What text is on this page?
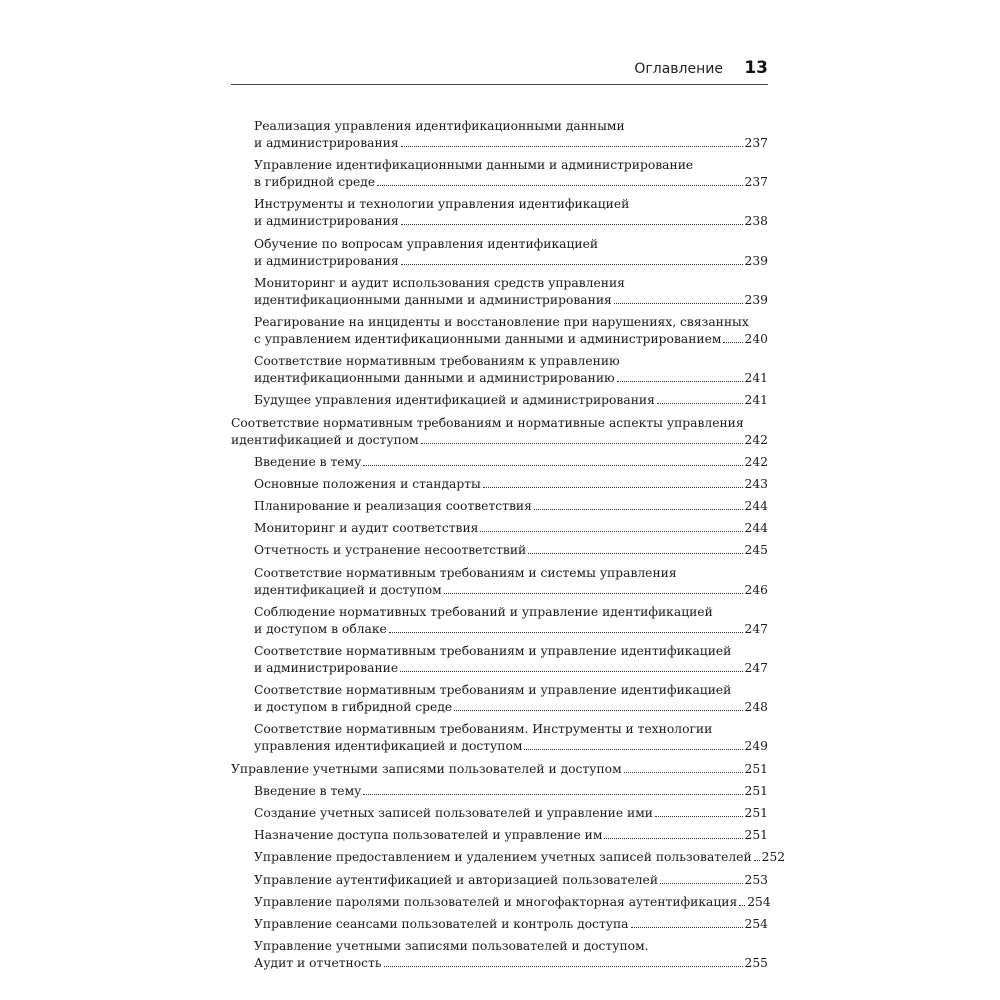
Оглавление 13
Реализация управления идентификационными данными
и администрирования	237
Управление идентификационными данными и администрирование
в гибридной среде	237
Инструменты и технологии управления идентификацией
и администрирования	238
Обучение по вопросам управления идентификацией
и администрирования	239
Мониторинг и аудит использования средств управления
идентификационными данными и администрирования	239
Реагирование на инциденты и восстановление при нарушениях, связанных
с управлением идентификационными данными и администрированием 240
Соответствие нормативным требованиям к управлению
идентификационными данными и администрированию	241
Будущее управления идентификацией и администрирования	241
Соответствие нормативным требованиям и нормативные аспекты управления
идентификацией и доступом	242
Введение в тему	242
Основные положения и стандарты	243
Планирование и реализация соответствия	244
Мониторинг и аудит соответствия	244
Отчетность и устранение несоответствий	245
Соответствие нормативным требованиям и системы управления
идентификацией и доступом	246
Соблюдение нормативных требований и управление идентификацией
и доступом в облаке	247
Соответствие нормативным требованиям и управление идентификацией
и администрирование	247
Соответствие нормативным требованиям и управление идентификацией
и доступом в гибридной среде	248
Соответствие нормативным требованиям. Инструменты и технологии
управления идентификацией и доступом	249
Управление учетными записями пользователей и доступом	251
Введение в тему	251
Создание учетных записей пользователей и управление ими	251
Назначение доступа пользователей и управление им	251
Управление предоставлением и удалением учетных записей пользователей 252
Управление аутентификацией и авторизацией пользователей	253
Управление паролями пользователей и многофакторная аутентификация 254
Управление сеансами пользователей и контроль доступа	254
Управление учетными записями пользователей и доступом.
Аудит и отчетность	255
